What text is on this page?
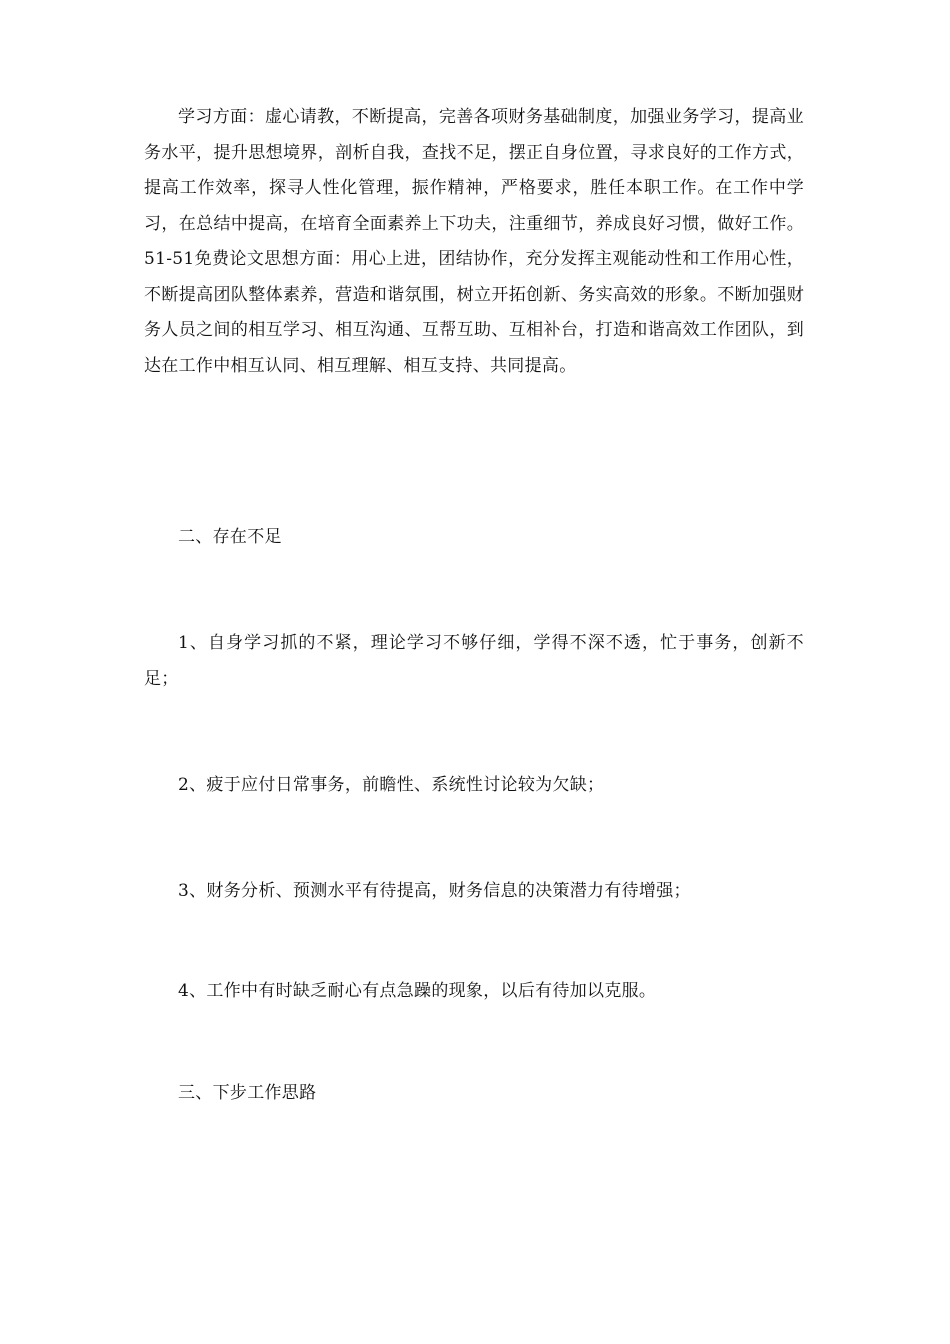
学习方面：虚心请教，不断提高，完善各项财务基础制度，加强业务学习，提高业务水平，提升思想境界，剖析自我，查找不足，摆正自身位置，寻求良好的工作方式，提高工作效率，探寻人性化管理，振作精神，严格要求，胜任本职工作。在工作中学习，在总结中提高，在培育全面素养上下功夫，注重细节，养成良好习惯，做好工作。51-51免费论文思想方面：用心上进，团结协作，充分发挥主观能动性和工作用心性，不断提高团队整体素养，营造和谐氛围，树立开拓创新、务实高效的形象。不断加强财务人员之间的相互学习、相互沟通、互帮互助、互相补台，打造和谐高效工作团队，到达在工作中相互认同、相互理解、相互支持、共同提高。

二、存在不足

1、自身学习抓的不紧，理论学习不够仔细，学得不深不透，忙于事务，创新不足；

2、疲于应付日常事务，前瞻性、系统性讨论较为欠缺；

3、财务分析、预测水平有待提高，财务信息的决策潜力有待增强；

4、工作中有时缺乏耐心有点急躁的现象，以后有待加以克服。

三、下步工作思路
